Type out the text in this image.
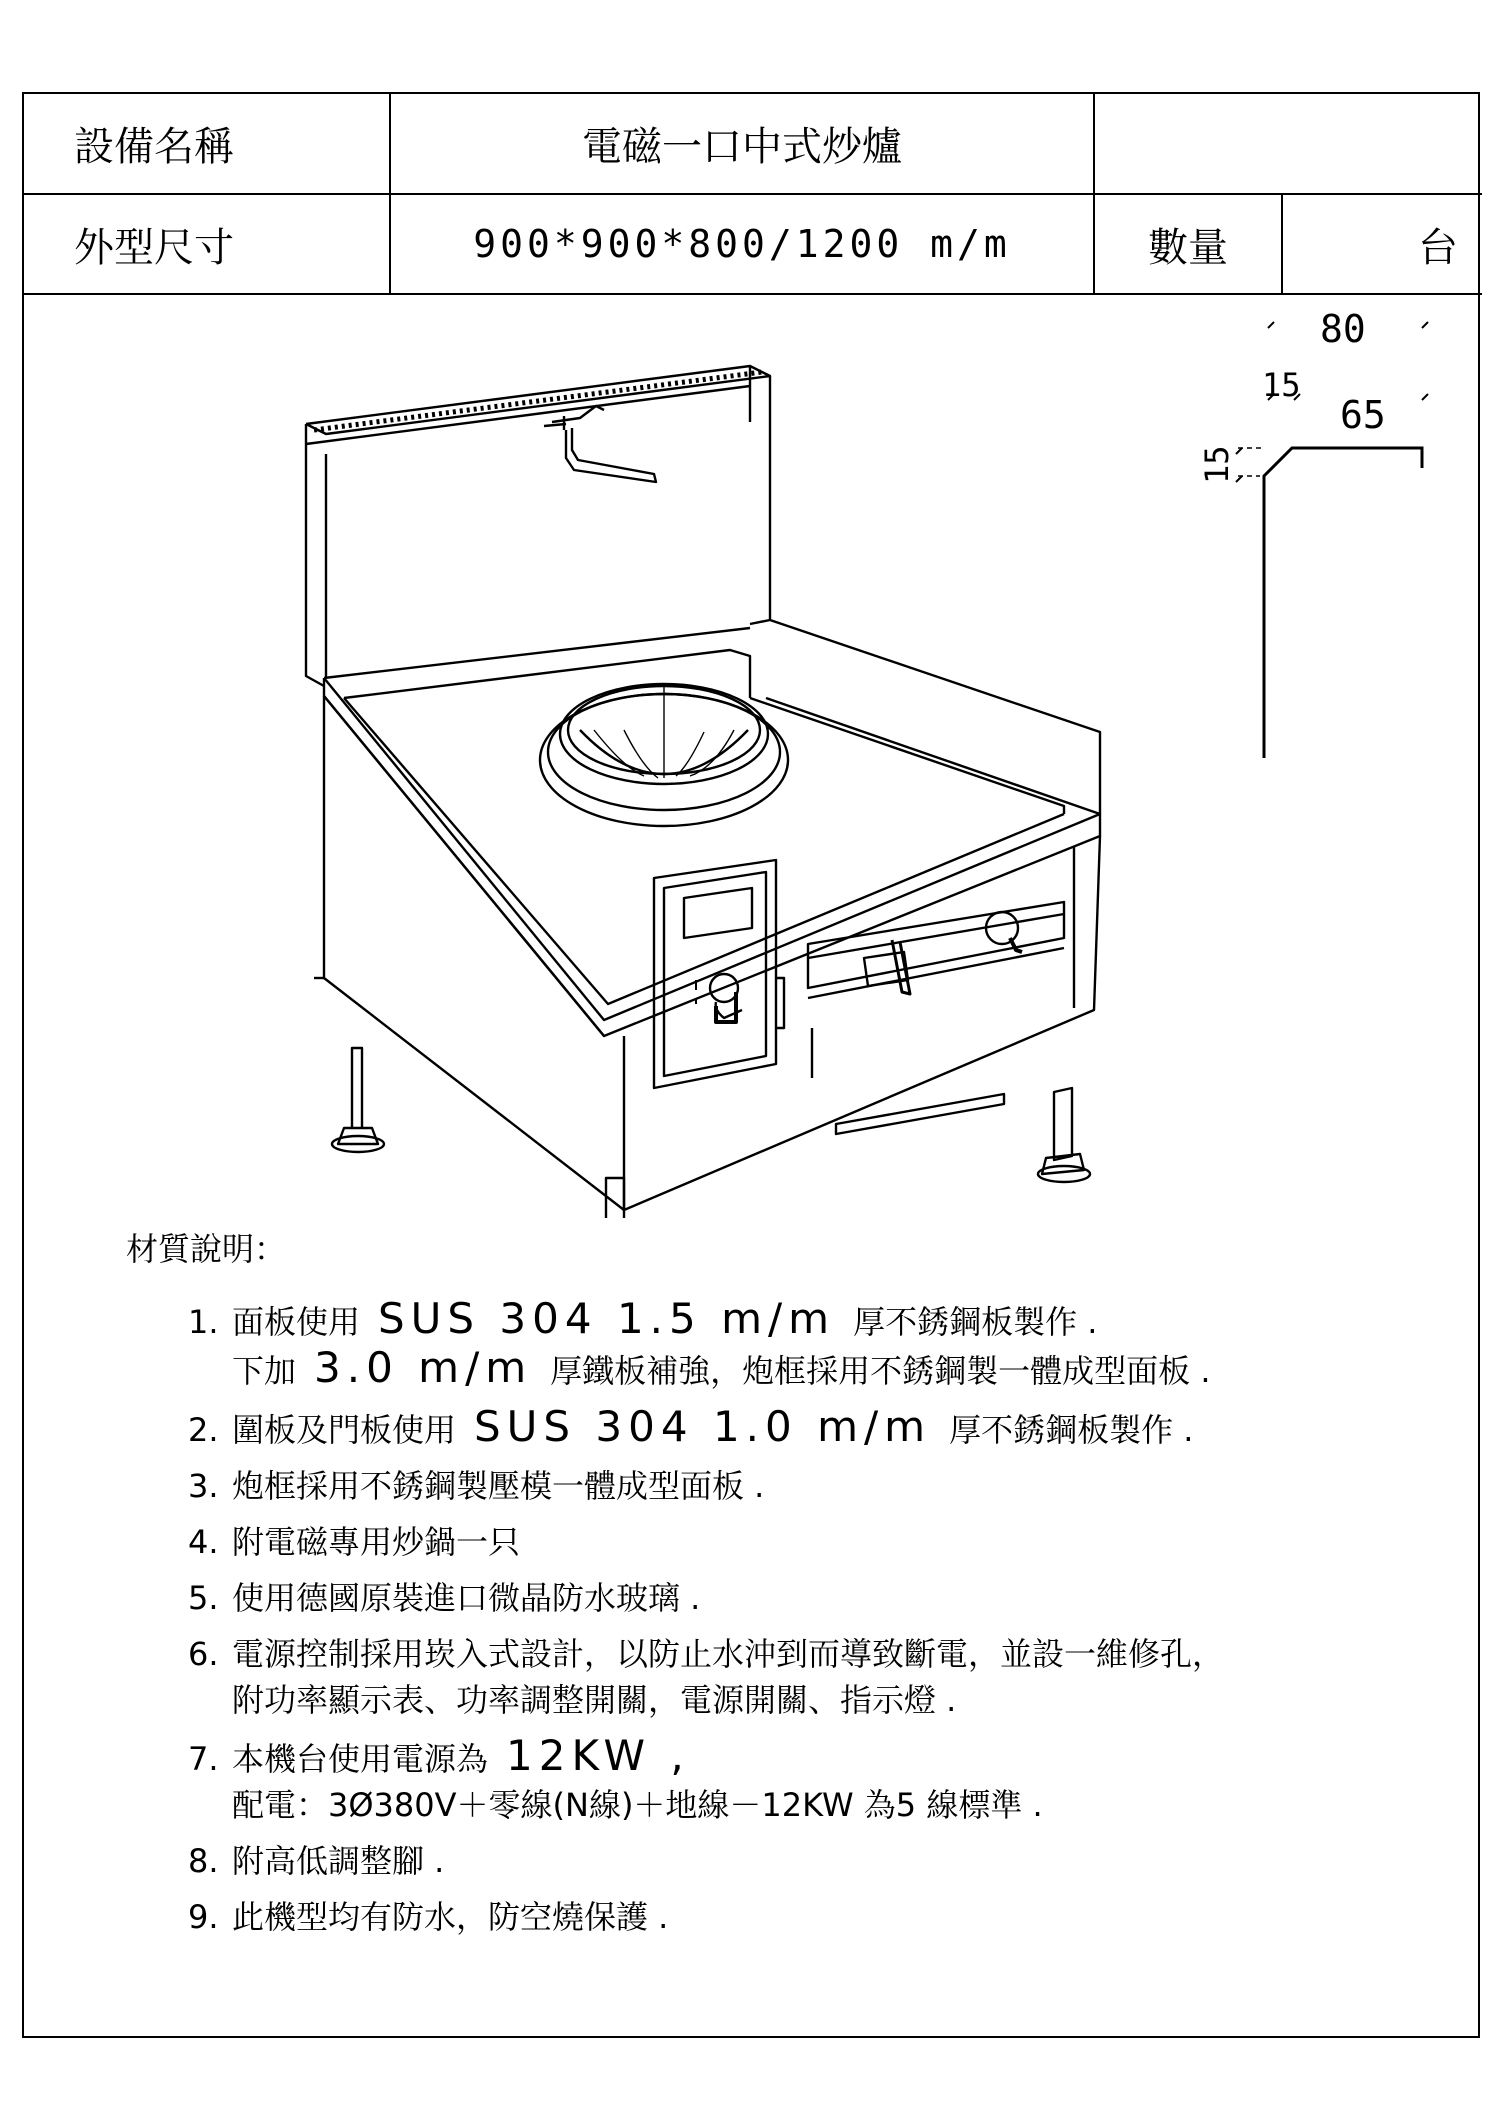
設備名稱	電磁一口中式炒爐		
外型尺寸	900*900*800/1200 m/m	數量	台
80
15
65
15
材質說明：
1. 面板使用 SUS 304 1.5 m/m 厚不銹鋼板製作 .
下加 3.0 m/m 厚鐵板補強，炮框採用不銹鋼製一體成型面板 .
2. 圍板及門板使用 SUS 304 1.0 m/m 厚不銹鋼板製作 .
3. 炮框採用不銹鋼製壓模一體成型面板 .
4. 附電磁專用炒鍋一只
5. 使用德國原裝進口微晶防水玻璃 .
6. 電源控制採用崁入式設計，以防止水沖到而導致斷電，並設一維修孔，
附功率顯示表、功率調整開關，電源開關、指示燈 .
7. 本機台使用電源為 12KW ,
配電：3Ø380V＋零線(N線)＋地線－12KW 為5 線標準 .
8. 附高低調整腳 .
9. 此機型均有防水，防空燒保護 .
